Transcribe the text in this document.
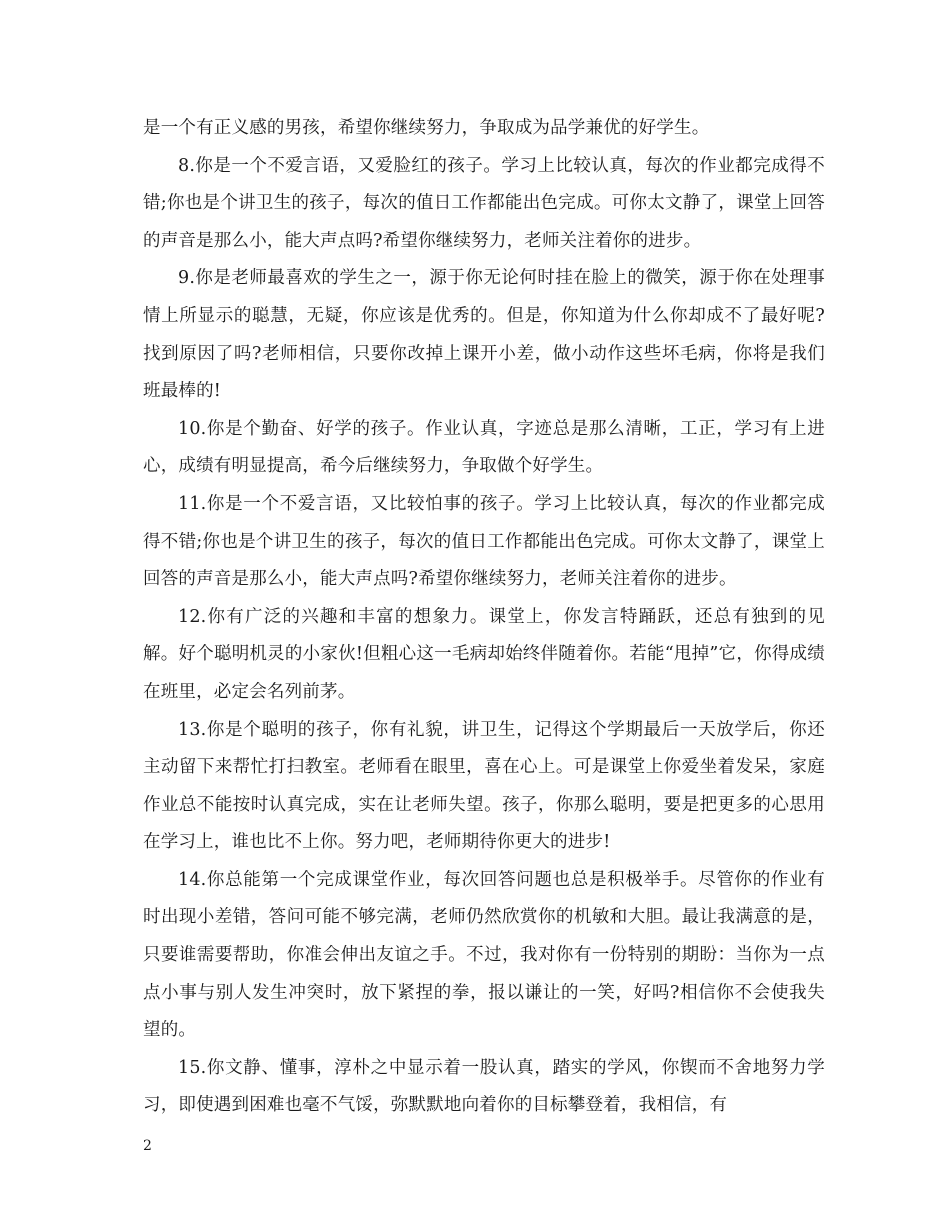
是一个有正义感的男孩，希望你继续努力，争取成为品学兼优的好学生。

8.你是一个不爱言语，又爱脸红的孩子。学习上比较认真，每次的作业都完成得不错;你也是个讲卫生的孩子，每次的值日工作都能出色完成。可你太文静了，课堂上回答的声音是那么小，能大声点吗?希望你继续努力，老师关注着你的进步。

9.你是老师最喜欢的学生之一，源于你无论何时挂在脸上的微笑，源于你在处理事情上所显示的聪慧，无疑，你应该是优秀的。但是，你知道为什么你却成不了最好呢?找到原因了吗?老师相信，只要你改掉上课开小差，做小动作这些坏毛病，你将是我们班最棒的!

10.你是个勤奋、好学的孩子。作业认真，字迹总是那么清晰，工正，学习有上进心，成绩有明显提高，希今后继续努力，争取做个好学生。

11.你是一个不爱言语，又比较怕事的孩子。学习上比较认真，每次的作业都完成得不错;你也是个讲卫生的孩子，每次的值日工作都能出色完成。可你太文静了，课堂上回答的声音是那么小，能大声点吗?希望你继续努力，老师关注着你的进步。

12.你有广泛的兴趣和丰富的想象力。课堂上，你发言特踊跃，还总有独到的见解。好个聪明机灵的小家伙!但粗心这一毛病却始终伴随着你。若能“甩掉”它，你得成绩在班里，必定会名列前茅。

13.你是个聪明的孩子，你有礼貌，讲卫生，记得这个学期最后一天放学后，你还主动留下来帮忙打扫教室。老师看在眼里，喜在心上。可是课堂上你爱坐着发呆，家庭作业总不能按时认真完成，实在让老师失望。孩子，你那么聪明，要是把更多的心思用在学习上，谁也比不上你。努力吧，老师期待你更大的进步!

14.你总能第一个完成课堂作业，每次回答问题也总是积极举手。尽管你的作业有时出现小差错，答问可能不够完满，老师仍然欣赏你的机敏和大胆。最让我满意的是，只要谁需要帮助，你准会伸出友谊之手。不过，我对你有一份特别的期盼：当你为一点点小事与别人发生冲突时，放下紧捏的拳，报以谦让的一笑，好吗?相信你不会使我失望的。

15.你文静、懂事，淳朴之中显示着一股认真，踏实的学风，你锲而不舍地努力学习，即使遇到困难也毫不气馁，弥默默地向着你的目标攀登着，我相信，有

2
